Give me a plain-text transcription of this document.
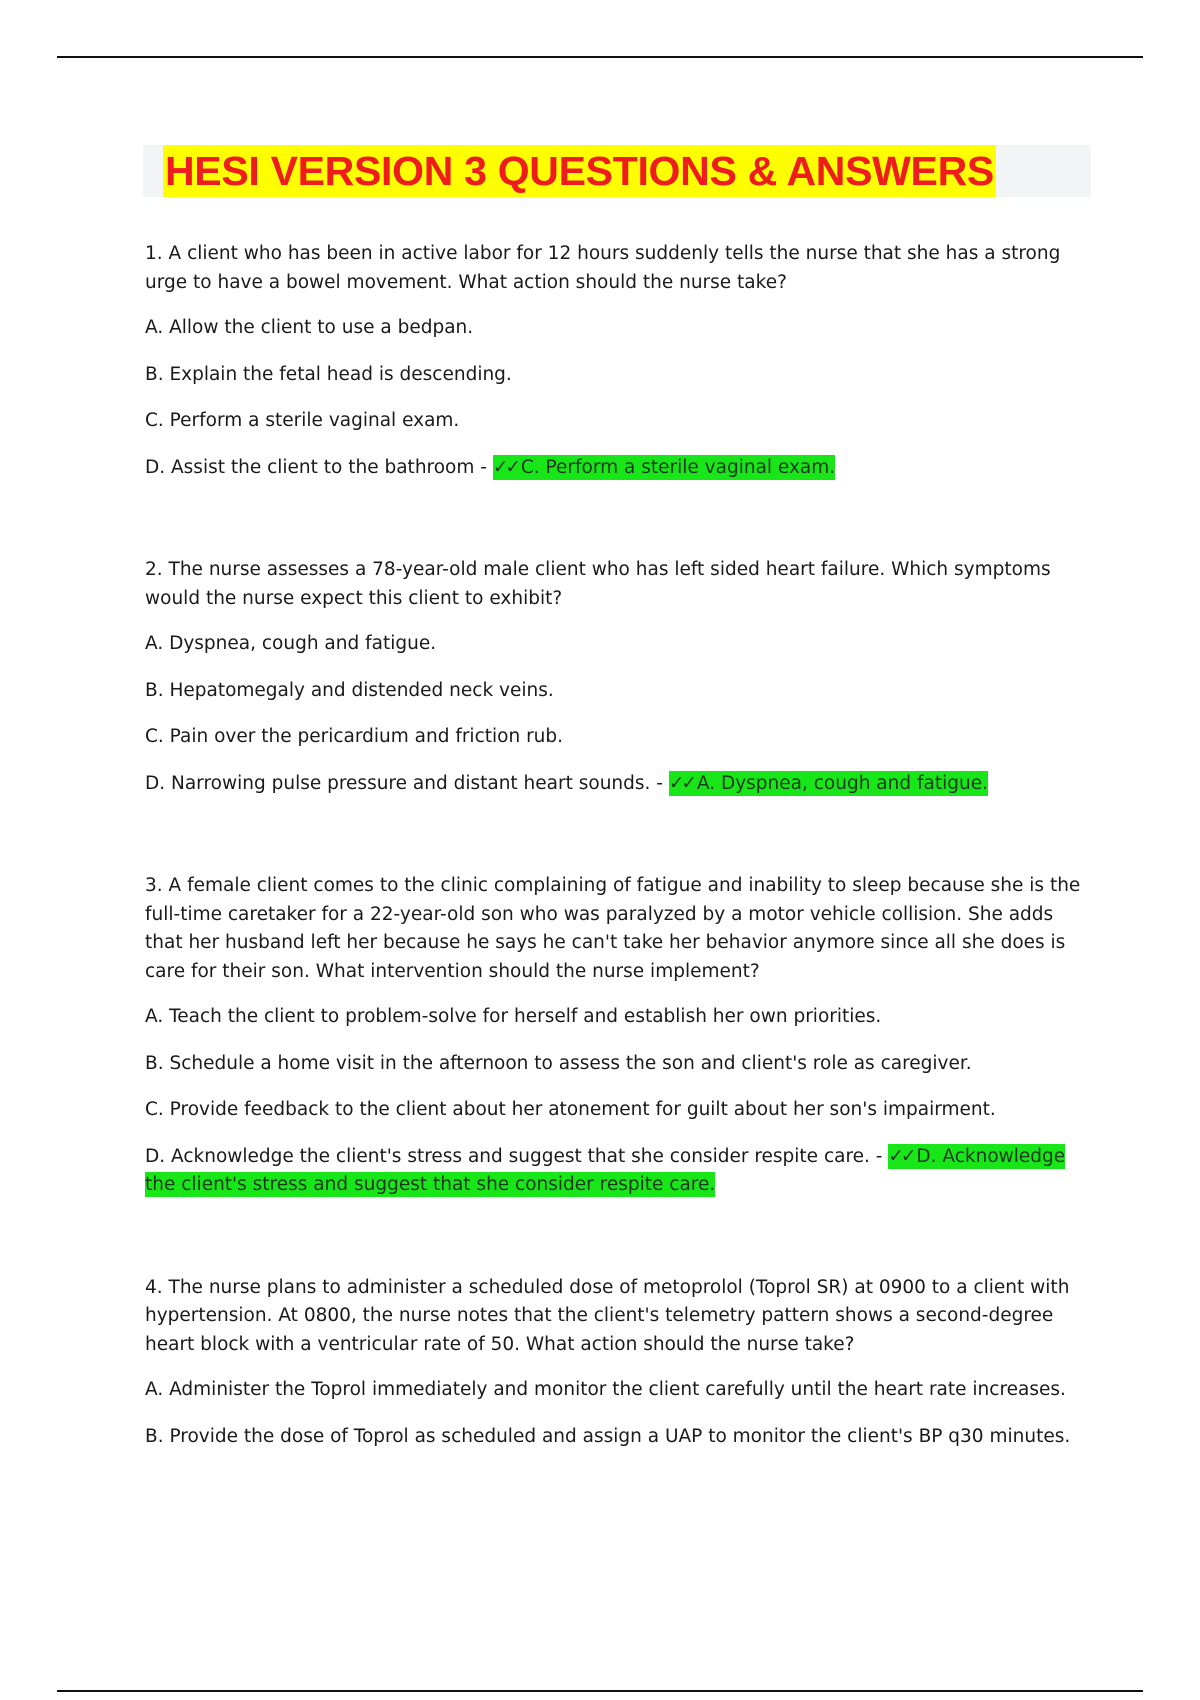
HESI VERSION 3 QUESTIONS & ANSWERS

1. A client who has been in active labor for 12 hours suddenly tells the nurse that she has a strong urge to have a bowel movement. What action should the nurse take?

A. Allow the client to use a bedpan.

B. Explain the fetal head is descending.

C. Perform a sterile vaginal exam.

D. Assist the client to the bathroom - ✓✓ C. Perform a sterile vaginal exam.

2. The nurse assesses a 78-year-old male client who has left sided heart failure. Which symptoms would the nurse expect this client to exhibit?

A. Dyspnea, cough and fatigue.

B. Hepatomegaly and distended neck veins.

C. Pain over the pericardium and friction rub.

D. Narrowing pulse pressure and distant heart sounds. - ✓✓ A. Dyspnea, cough and fatigue.

3. A female client comes to the clinic complaining of fatigue and inability to sleep because she is the full-time caretaker for a 22-year-old son who was paralyzed by a motor vehicle collision. She adds that her husband left her because he says he can't take her behavior anymore since all she does is care for their son. What intervention should the nurse implement?

A. Teach the client to problem-solve for herself and establish her own priorities.

B. Schedule a home visit in the afternoon to assess the son and client's role as caregiver.

C. Provide feedback to the client about her atonement for guilt about her son's impairment.

D. Acknowledge the client's stress and suggest that she consider respite care. - ✓✓ D. Acknowledge the client's stress and suggest that she consider respite care.

4. The nurse plans to administer a scheduled dose of metoprolol (Toprol SR) at 0900 to a client with hypertension. At 0800, the nurse notes that the client's telemetry pattern shows a second-degree heart block with a ventricular rate of 50. What action should the nurse take?

A. Administer the Toprol immediately and monitor the client carefully until the heart rate increases.

B. Provide the dose of Toprol as scheduled and assign a UAP to monitor the client's BP q30 minutes.
